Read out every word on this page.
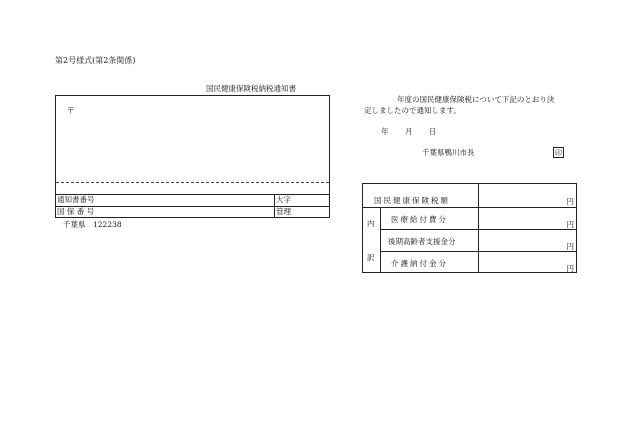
第2号様式(第2条関係)
国民健康保険税納税通知書
〒
通知書番号
国 保 番 号
大字
管理
千葉県　122238
年度の国民健康保険税について下記のとおり決
定しましたので通知します。
年 月 日
千葉県鴨川市長	印
国民健康保険税額	円
内
訳
医療給付費分
円
後期高齢者支援金分
円
介護納付金分
円
